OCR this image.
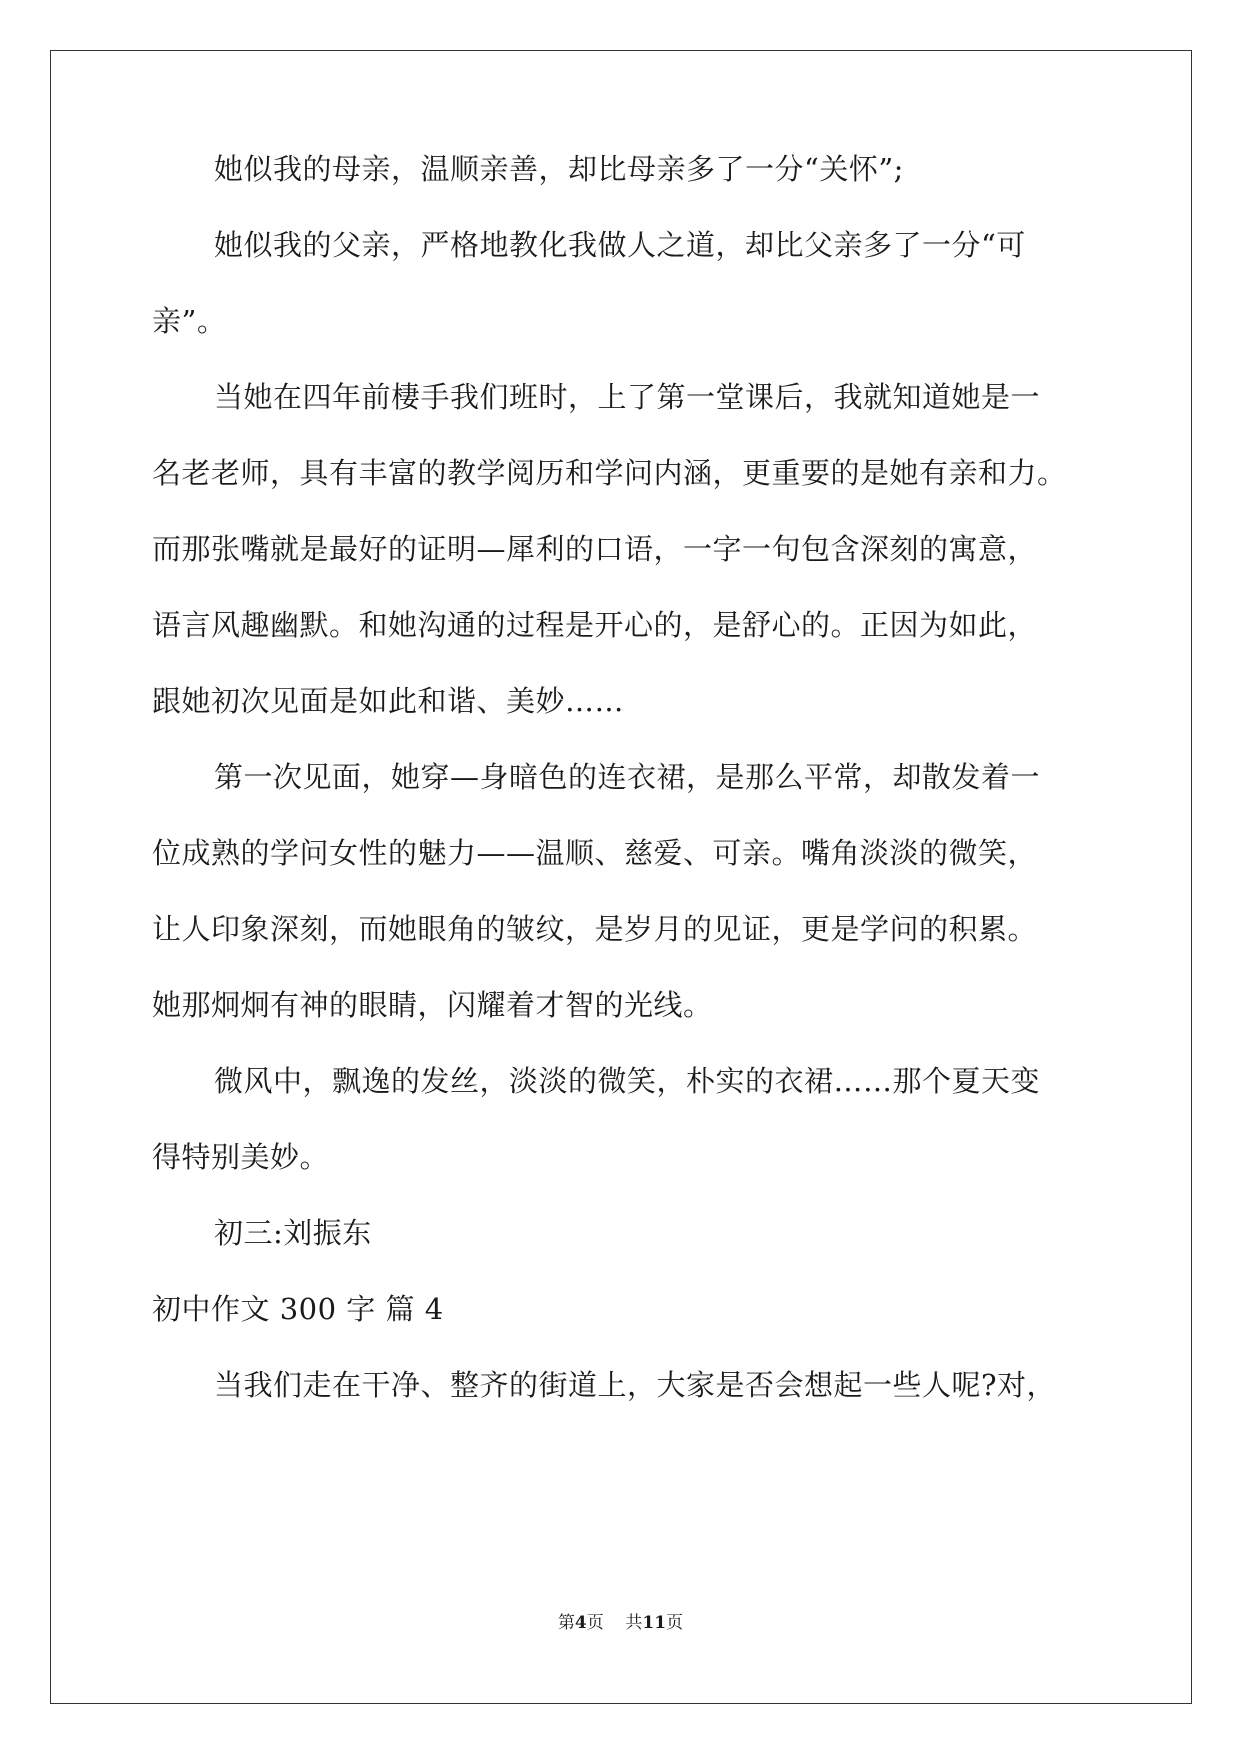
她似我的母亲，温顺亲善，却比母亲多了一分“关怀”;
她似我的父亲，严格地教化我做人之道，却比父亲多了一分“可
亲”。
当她在四年前棲手我们班时，上了第一堂课后，我就知道她是一
名老老师，具有丰富的教学阅历和学问内涵，更重要的是她有亲和力。
而那张嘴就是最好的证明—犀利的口语，一字一句包含深刻的寓意，
语言风趣幽默。和她沟通的过程是开心的，是舒心的。正因为如此，
跟她初次见面是如此和谐、美妙……
第一次见面，她穿—身暗色的连衣裙，是那么平常，却散发着一
位成熟的学问女性的魅力——温顺、慈爱、可亲。嘴角淡淡的微笑，
让人印象深刻，而她眼角的皱纹，是岁月的见证，更是学问的积累。
她那炯炯有神的眼睛，闪耀着才智的光线。
微风中，飘逸的发丝，淡淡的微笑，朴实的衣裙……那个夏天变
得特别美妙。
初三:刘振东
初中作文 300 字 篇 4
当我们走在干净、整齐的街道上，大家是否会想起一些人呢?对，
第4页    共11页
